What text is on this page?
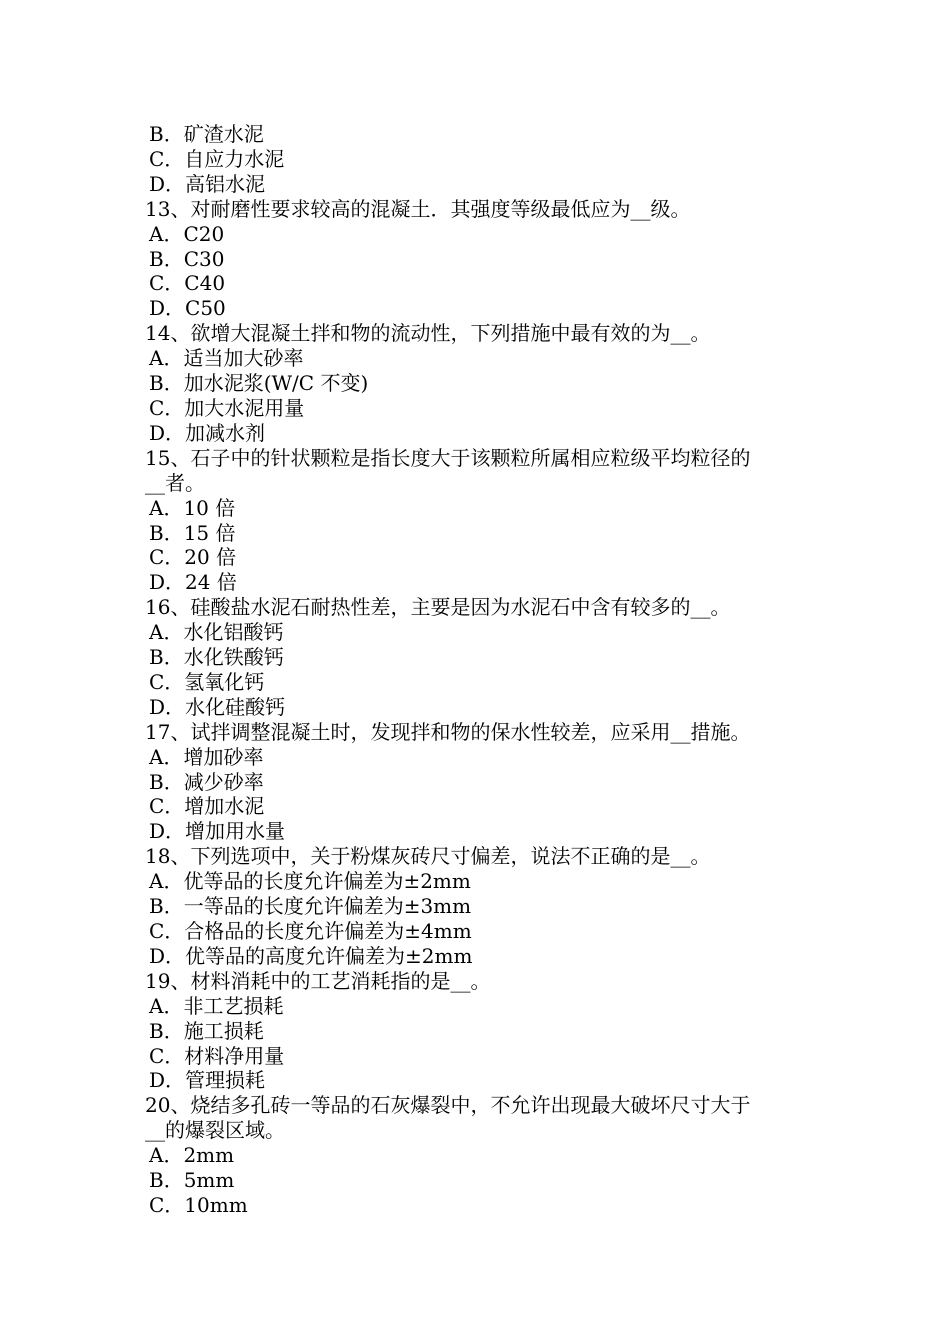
B．矿渣水泥
C．自应力水泥
D．高铝水泥
13、对耐磨性要求较高的混凝土．其强度等级最低应为__级。
A．C20
B．C30
C．C40
D．C50
14、欲增大混凝土拌和物的流动性，下列措施中最有效的为__。
A．适当加大砂率
B．加水泥浆(W/C 不变)
C．加大水泥用量
D．加减水剂
15、石子中的针状颗粒是指长度大于该颗粒所属相应粒级平均粒径的
__者。
A．10 倍
B．15 倍
C．20 倍
D．24 倍
16、硅酸盐水泥石耐热性差，主要是因为水泥石中含有较多的__。
A．水化铝酸钙
B．水化铁酸钙
C．氢氧化钙
D．水化硅酸钙
17、试拌调整混凝土时，发现拌和物的保水性较差，应采用__措施。
A．增加砂率
B．减少砂率
C．增加水泥
D．增加用水量
18、下列选项中，关于粉煤灰砖尺寸偏差，说法不正确的是__。
A．优等品的长度允许偏差为±2mm
B．一等品的长度允许偏差为±3mm
C．合格品的长度允许偏差为±4mm
D．优等品的高度允许偏差为±2mm
19、材料消耗中的工艺消耗指的是__。
A．非工艺损耗
B．施工损耗
C．材料净用量
D．管理损耗
20、烧结多孔砖一等品的石灰爆裂中，不允许出现最大破坏尺寸大于
__的爆裂区域。
A．2mm
B．5mm
C．10mm
